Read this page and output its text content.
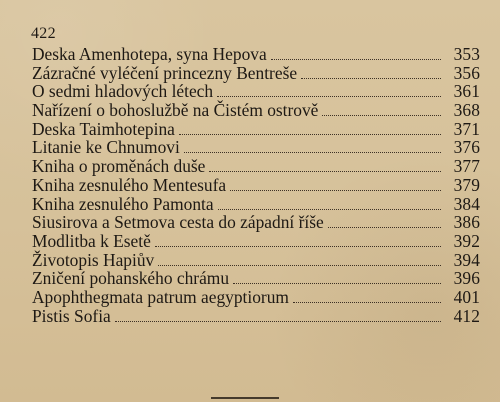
422
Deska Amenhotepa, syna Hepova	353
Zázračné vyléčení princezny Bentreše	356
O sedmi hladových létech	361
Nařízení o bohoslužbě na Čistém ostrově	368
Deska Taimhotepina	371
Litanie ke Chnumovi	376
Kniha o proměnách duše	377
Kniha zesnulého Mentesufa	379
Kniha zesnulého Pamonta	384
Siusirova a Setmova cesta do západní říše	386
Modlitba k Esetě	392
Životopis Hapiův	394
Zničení pohanského chrámu	396
Apophthegmata patrum aegyptiorum	401
Pistis Sofia	412
